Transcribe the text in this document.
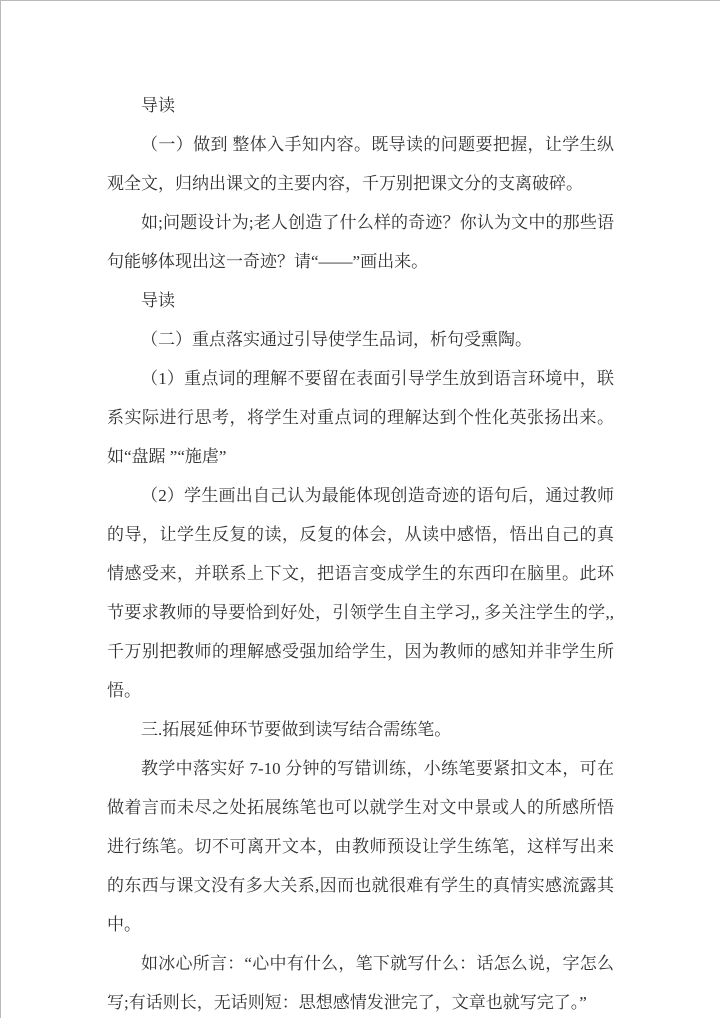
导读

（一）做到 整体入手知内容。既导读的问题要把握，让学生纵观全文，归纳出课文的主要内容，千万别把课文分的支离破碎。

如;问题设计为;老人创造了什么样的奇迹？你认为文中的那些语句能够体现出这一奇迹？请“——”画出来。

导读

（二）重点落实通过引导使学生品词，析句受熏陶。

（1）重点词的理解不要留在表面引导学生放到语言环境中，联系实际进行思考，将学生对重点词的理解达到个性化英张扬出来。如“盘踞 ”“施虐”

（2）学生画出自己认为最能体现创造奇迹的语句后，通过教师的导，让学生反复的读，反复的体会，从读中感悟，悟出自己的真情感受来，并联系上下文，把语言变成学生的东西印在脑里。此环节要求教师的导要恰到好处，引领学生自主学习,, 多关注学生的学,, 千万别把教师的理解感受强加给学生，因为教师的感知并非学生所悟。

三.拓展延伸环节要做到读写结合需练笔。

教学中落实好 7-10 分钟的写错训练，小练笔要紧扣文本，可在做着言而未尽之处拓展练笔也可以就学生对文中景或人的所感所悟进行练笔。切不可离开文本，由教师预设让学生练笔，这样写出来的东西与课文没有多大关系,因而也就很难有学生的真情实感流露其中。

如冰心所言：“心中有什么，笔下就写什么：话怎么说，字怎么写;有话则长，无话则短：思想感情发泄完了，文章也就写完了。”
